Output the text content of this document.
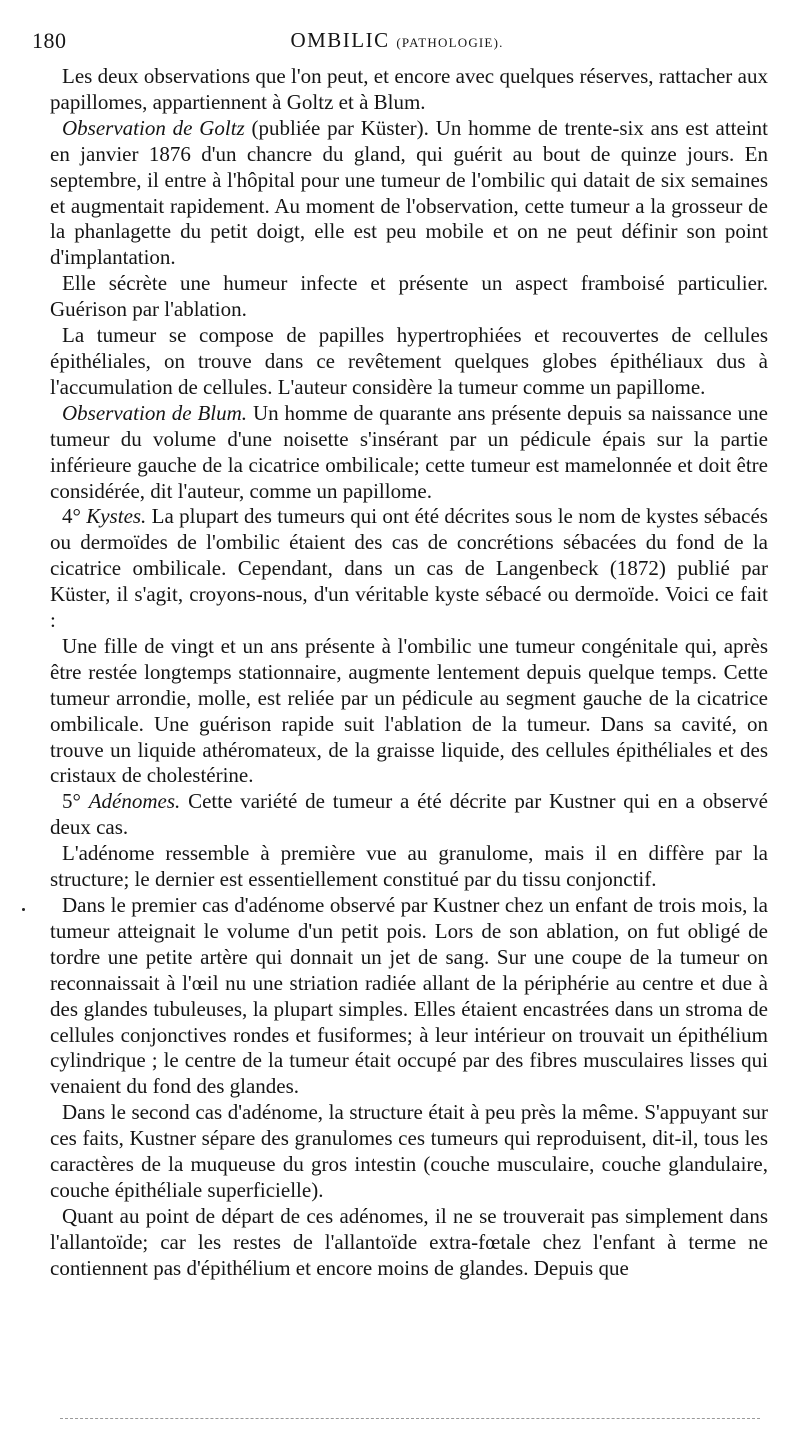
180	OMBILIC (PATHOLOGIE).

Les deux observations que l'on peut, et encore avec quelques réserves, rattacher aux papillomes, appartiennent à Goltz et à Blum.

Observation de Goltz (publiée par Küster). Un homme de trente-six ans est atteint en janvier 1876 d'un chancre du gland, qui guérit au bout de quinze jours. En septembre, il entre à l'hôpital pour une tumeur de l'ombilic qui datait de six semaines et augmentait rapidement. Au moment de l'observation, cette tumeur a la grosseur de la phanlagette du petit doigt, elle est peu mobile et on ne peut définir son point d'implantation.

Elle sécrète une humeur infecte et présente un aspect framboisé particulier. Guérison par l'ablation.

La tumeur se compose de papilles hypertrophiées et recouvertes de cellules épithéliales, on trouve dans ce revêtement quelques globes épithéliaux dus à l'accumulation de cellules. L'auteur considère la tumeur comme un papillome.

Observation de Blum. Un homme de quarante ans présente depuis sa naissance une tumeur du volume d'une noisette s'insérant par un pédicule épais sur la partie inférieure gauche de la cicatrice ombilicale; cette tumeur est mamelonnée et doit être considérée, dit l'auteur, comme un papillome.

4° Kystes. La plupart des tumeurs qui ont été décrites sous le nom de kystes sébacés ou dermoïdes de l'ombilic étaient des cas de concrétions sébacées du fond de la cicatrice ombilicale. Cependant, dans un cas de Langenbeck (1872) publié par Küster, il s'agit, croyons-nous, d'un véritable kyste sébacé ou dermoïde. Voici ce fait :

Une fille de vingt et un ans présente à l'ombilic une tumeur congénitale qui, après être restée longtemps stationnaire, augmente lentement depuis quelque temps. Cette tumeur arrondie, molle, est reliée par un pédicule au segment gauche de la cicatrice ombilicale. Une guérison rapide suit l'ablation de la tumeur. Dans sa cavité, on trouve un liquide athéromateux, de la graisse liquide, des cellules épithéliales et des cristaux de cholestérine.

5° Adénomes. Cette variété de tumeur a été décrite par Kustner qui en a observé deux cas.

L'adénome ressemble à première vue au granulome, mais il en diffère par la structure; le dernier est essentiellement constitué par du tissu conjonctif.

Dans le premier cas d'adénome observé par Kustner chez un enfant de trois mois, la tumeur atteignait le volume d'un petit pois. Lors de son ablation, on fut obligé de tordre une petite artère qui donnait un jet de sang. Sur une coupe de la tumeur on reconnaissait à l'œil nu une striation radiée allant de la périphérie au centre et due à des glandes tubuleuses, la plupart simples. Elles étaient encastrées dans un stroma de cellules conjonctives rondes et fusiformes; à leur intérieur on trouvait un épithélium cylindrique ; le centre de la tumeur était occupé par des fibres musculaires lisses qui venaient du fond des glandes.

Dans le second cas d'adénome, la structure était à peu près la même. S'appuyant sur ces faits, Kustner sépare des granulomes ces tumeurs qui reproduisent, dit-il, tous les caractères de la muqueuse du gros intestin (couche musculaire, couche glandulaire, couche épithéliale superficielle).

Quant au point de départ de ces adénomes, il ne se trouverait pas simplement dans l'allantoïde; car les restes de l'allantoïde extra-fœtale chez l'enfant à terme ne contiennent pas d'épithélium et encore moins de glandes. Depuis que
